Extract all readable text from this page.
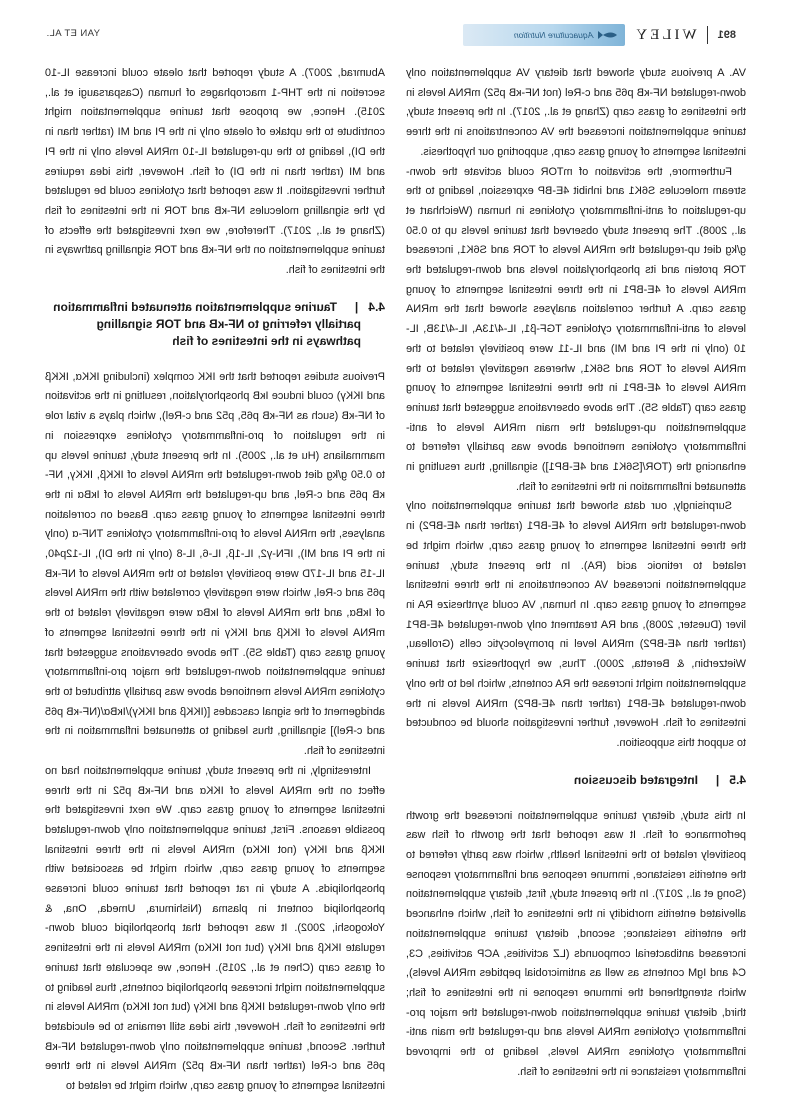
YAN ET AL.	891
WILEY
Aquaculture Nutrition

Abumrad, 2007). A study reported that oleate could increase IL-10 secretion in the THP-1 macrophages of human (Casparsaugi et al., 2015). Hence, we propose that taurine supplementation might contribute to the uptake of oleate only in the PI and MI (rather than in the DI), leading to the up-regulated IL-10 mRNA levels only in the PI and MI (rather than in the DI) of fish. However, this idea requires further investigation. It was reported that cytokines could be regulated by the signalling molecules NF-κB and TOR in the intestines of fish (Zhang et al., 2017). Therefore, we next investigated the effects of taurine supplementation on the NF-κB and TOR signalling pathways in the intestines of fish.

4.4   |Taurine supplementation attenuated inflammation partially referring to NF-κB and TOR signalling pathways in the intestines of fish

Previous studies reported that the IKK complex (including IKKα, IKKβ and IKKγ) could induce IκB phosphorylation, resulting in the activation of NF-κB (such as NF-κB p65, p52 and c-Rel), which plays a vital role in the regulation of pro-inflammatory cytokines expression in mammalians (Hu et al., 2005). In the present study, taurine levels up to 0.50 g/kg diet down-regulated the mRNA levels of IKKβ, IKKγ, NF-κB p65 and c-Rel, and up-regulated the mRNA levels of IκBα in the three intestinal segments of young grass carp. Based on correlation analyses, the mRNA levels of pro-inflammatory cytokines TNF-α (only in the PI and MI), IFN-γ2, IL-1β, IL-6, IL-8 (only in the DI), IL-12p40, IL-15 and IL-17D were positively related to the mRNA levels of NF-κB p65 and c-Rel, which were negatively correlated with the mRNA levels of IκBα, and the mRNA levels of IκBα were negatively related to the mRNA levels of IKKβ and IKKγ in the three intestinal segments of young grass carp (Table S5). The above observations suggested that taurine supplementation down-regulated the major pro-inflammatory cytokines mRNA levels mentioned above was partially attributed to the abridgement of the signal cascades [(IKKβ and IKKγ)/IκBα/(NF-κB p65 and c-Rel)] signalling, thus leading to attenuated inflammation in the intestines of fish.

Interestingly, in the present study, taurine supplementation had no effect on the mRNA levels of IKKα and NF-κB p52 in the three intestinal segments of young grass carp. We next investigated the possible reasons. First, taurine supplementation only down-regulated IKKβ and IKKγ (not IKKα) mRNA levels in the three intestinal segments of young grass carp, which might be associated with phospholipids. A study in rat reported that taurine could increase phospholipid content in plasma (Nishimura, Umeda, Ona, & Yokogoshi, 2002). It was reported that phospholipid could down-regulate IKKβ and IKKγ (but not IKKα) mRNA levels in the intestines of grass carp (Chen et al., 2015). Hence, we speculate that taurine supplementation might increase phospholipid contents, thus leading to the only down-regulated IKKβ and IKKγ (but not IKKα) mRNA levels in the intestines of fish. However, this idea still remains to be elucidated further. Second, taurine supplementation only down-regulated NF-κB p65 and c-Rel (rather than NF-κB p52) mRNA levels in the three intestinal segments of young grass carp, which might be related to

VA. A previous study showed that dietary VA supplementation only down-regulated NF-κB p65 and c-Rel (not NF-κB p52) mRNA levels in the intestines of grass carp (Zhang et al., 2017). In the present study, taurine supplementation increased the VA concentrations in the three intestinal segments of young grass carp, supporting our hypothesis.

Furthermore, the activation of mTOR could activate the down-stream molecules S6K1 and inhibit 4E-BP expression, leading to the up-regulation of anti-inflammatory cytokines in human (Weichhart et al., 2008). The present study observed that taurine levels up to 0.50 g/kg diet up-regulated the mRNA levels of TOR and S6K1, increased TOR protein and its phosphorylation levels and down-regulated the mRNA levels of 4E-BP1 in the three intestinal segments of young grass carp. A further correlation analyses showed that the mRNA levels of anti-inflammatory cytokines TGF-β1, IL-4/13A, IL-4/13B, IL-10 (only in the PI and MI) and IL-11 were positively related to the mRNA levels of TOR and S6K1, whereas negatively related to the mRNA levels of 4E-BP1 in the three intestinal segments of young grass carp (Table S5). The above observations suggested that taurine supplementation up-regulated the main mRNA levels of anti-inflammatory cytokines mentioned above was partially referred to enhancing the (TOR/[S6K1 and 4E-BP1]) signalling, thus resulting in attenuated inflammation in the intestines of fish.

Surprisingly, our data showed that taurine supplementation only down-regulated the mRNA levels of 4E-BP1 (rather than 4E-BP2) in the three intestinal segments of young grass carp, which might be related to retinoic acid (RA). In the present study, taurine supplementation increased VA concentrations in the three intestinal segments of young grass carp. In human, VA could synthesize RA in liver (Duester, 2008), and RA treatment only down-regulated 4E-BP1 (rather than 4E-BP2) mRNA level in promyelocytic cells (Grolleau, Wietzerbin, & Beretta, 2000). Thus, we hypothesize that taurine supplementation might increase the RA contents, which led to the only down-regulated 4E-BP1 (rather than 4E-BP2) mRNA levels in the intestines of fish. However, further investigation should be conducted to support this supposition.

4.5   |Integrated discussion

In this study, dietary taurine supplementation increased the growth performance of fish. It was reported that the growth of fish was positively related to the intestinal health, which was partly referred to the enteritis resistance, immune response and inflammatory response (Song et al., 2017). In the present study, first, dietary supplementation alleviated enteritis morbidity in the intestines of fish, which enhanced the enteritis resistance; second, dietary taurine supplementation increased antibacterial compounds (LZ activities, ACP activities, C3, C4 and IgM contents as well as antimicrobial peptides mRNA levels), which strengthened the immune response in the intestines of fish; third, dietary taurine supplementation down-regulated the major pro-inflammatory cytokines mRNA levels and up-regulated the main anti-inflammatory cytokines mRNA levels, leading to the improved inflammatory resistance in the intestines of fish.
